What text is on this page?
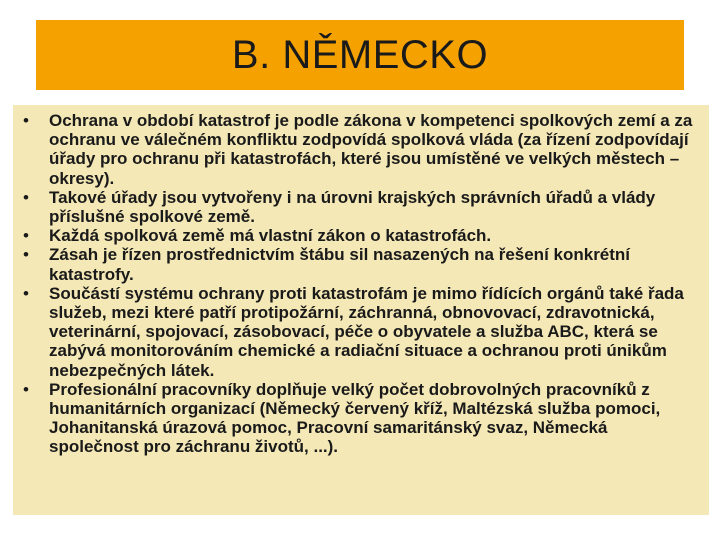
B. NĚMECKO
• Ochrana v období katastrof je podle zákona v kompetenci spolkových zemí a za ochranu ve válečném konfliktu zodpovídá spolková vláda (za řízení zodpovídají úřady pro ochranu při katastrofách, které jsou umístěné ve velkých městech – okresy).
• Takové úřady jsou vytvořeny i na úrovni krajských správních úřadů a vlády příslušné spolkové země.
• Každá spolková země má vlastní zákon o katastrofách.
• Zásah je řízen prostřednictvím štábu sil nasazených na řešení konkrétní katastrofy.
• Součástí systému ochrany proti katastrofám je mimo řídících orgánů také řada služeb, mezi které patří protipožární, záchranná, obnovovací, zdravotnická, veterinární, spojovací, zásobovací, péče o obyvatele a služba ABC, která se zabývá monitorováním chemické a radiační situace a ochranou proti únikům nebezpečných látek.
• Profesionální pracovníky doplňuje velký počet dobrovolných pracovníků z humanitárních organizací (Německý červený kříž, Maltézská služba pomoci, Johanitanská úrazová pomoc, Pracovní samaritánský svaz, Německá společnost pro záchranu životů, ...).
